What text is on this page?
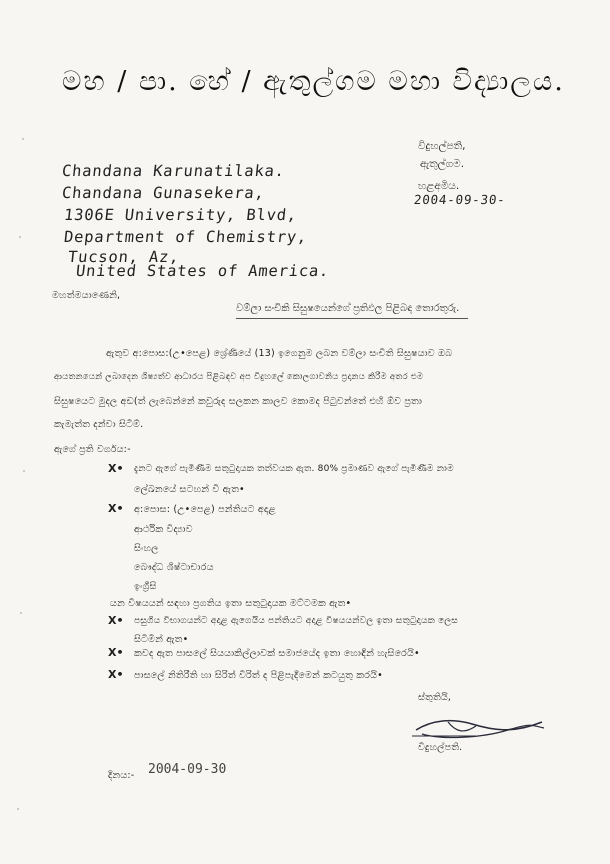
මහ / පා. හේ / ඇතුල්ගම මහා විද්‍යාලය.
විදුහල්පති,
ඇතුල්ගම.
හළඅමිය.
2004-09-30-
Chandana Karunatilaka.
Chandana Gunasekera,
1306E University, Blvd,
Department of Chemistry,
Tucson, Az,
United States of America.
මහත්මයාණෙනි,
වම්ලා සංචිකි සිසුෂයෙන්ගේ ප්‍රතිඵල පිළිබඳ තොරතුරු.
ඇතුව අ:පොස:(උ•පෙළ) ශ්‍රේණියේ (13) ඉගෙනුම ලබන වම්ලා සංචිති සිසුෂයාව ඔබ
ආයතනයෙන් ලබාදෙන ශිෂ්‍යත්ව ආධාරය පිළිබඳව අප විදුහලේ කොලගාවනිය ප්‍රදානය කිරීම අතර එම
සිසුෂයෙට මුදල අඩ(ත් ලැබෙන්නේ කවුරුද සලකන කාලව කොමද පිටුවන්තේ එහි ඕව ප්‍රතා
කැමැත්ත දන්වා සිටිම්.
ඇගේ ප්‍රති වර්ගය:-
X• දැනට ඇගේ පැමිණීම සතුටුදායක තත්වයක ඇත. 80% ප්‍රමාණව ඇගේ පැමිණීම නාම
ලේඛනයේ සටහන් වී ඇත•
X• අ:පොස: (උ•පෙළ) පන්තියට අදාළ
ආර්ථික විද්‍යාව
සිංහල
බෞද්ධ ශිෂ්ටාචාරය
ඉංග්‍රීසි
යන විෂයයන් සඳහා ප්‍රගතිය ඉතා සතුටුදායක මට්ටමක ඇත•
X• පසුගිය විභාගයන්ට අදාළ ඇගෙයිය පන්තියට අදාළ විෂයයන්වල ඉතා සතුටුදායක ලෙස
සිටිමින් ඇත•
X• කවද ඇත පාසලේ සියයාකිල්ලාවක් සමාජයේද ඉතා හොඳින් හැසිරෙයි•
X• පාසලේ නිතිරීති හා සිරිත් විරිත් ද පිළිපැදීමෙන් කටයුතු කරයි•
ස්තුතියි,
විදුහල්පති.
දිනය:- 2004-09-30
